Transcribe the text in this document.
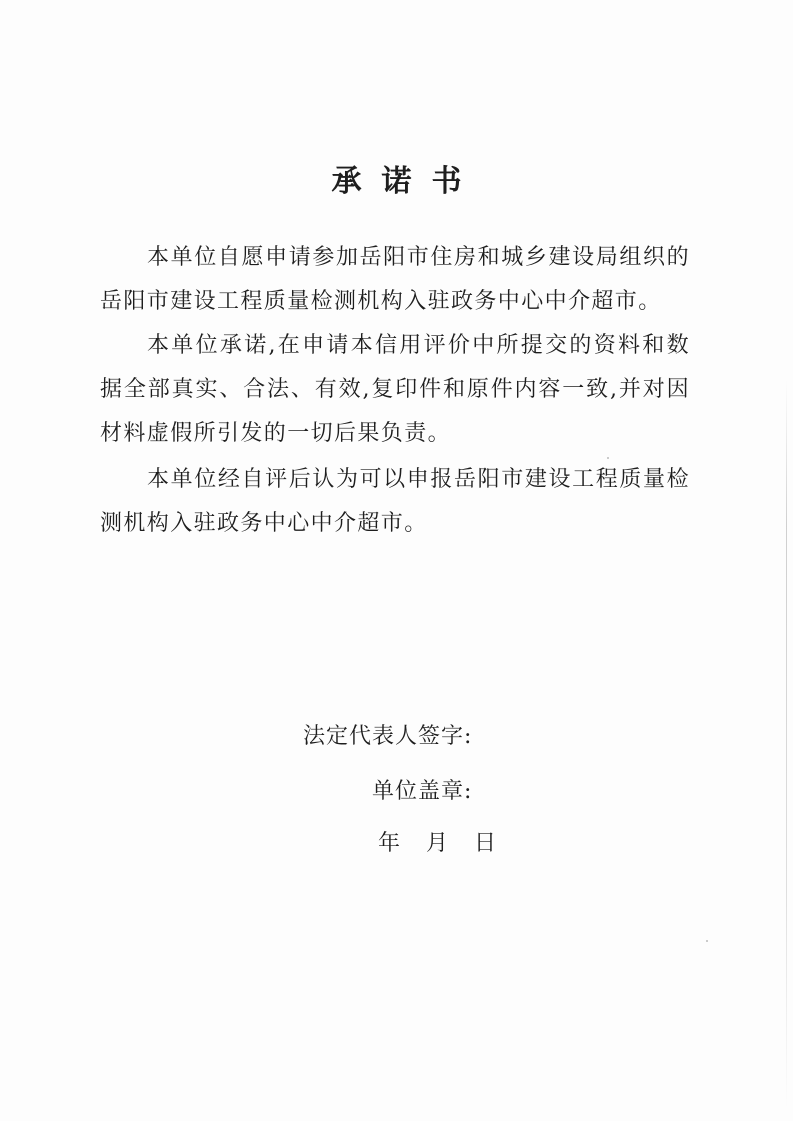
承诺书

本单位自愿申请参加岳阳市住房和城乡建设局组织的岳阳市建设工程质量检测机构入驻政务中心中介超市。

本单位承诺,在申请本信用评价中所提交的资料和数据全部真实、合法、有效,复印件和原件内容一致,并对因材料虚假所引发的一切后果负责。

本单位经自评后认为可以申报岳阳市建设工程质量检测机构入驻政务中心中介超市。

法定代表人签字:
单位盖章:
年 月 日
